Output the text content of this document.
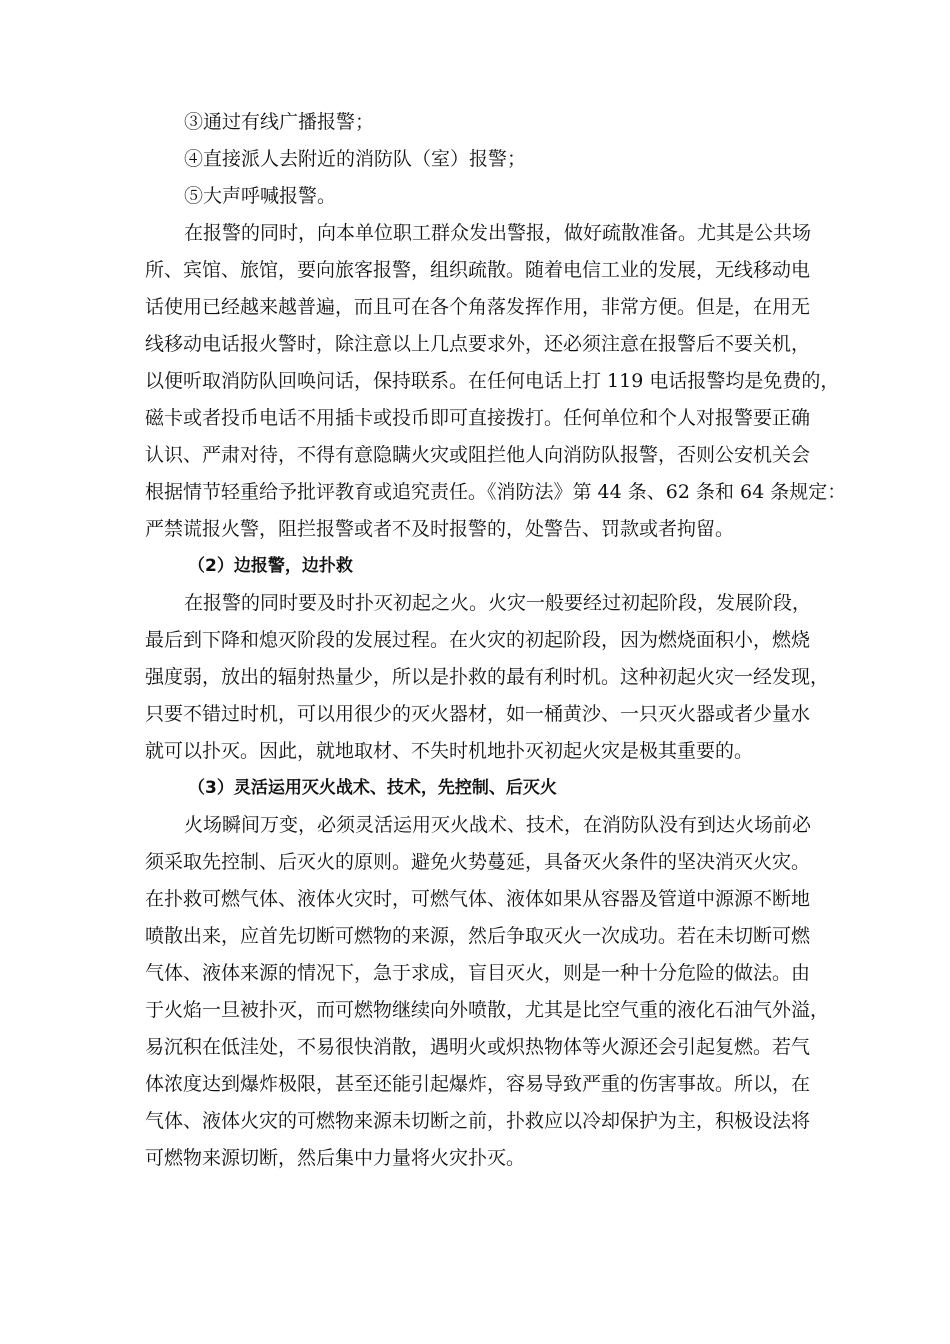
③通过有线广播报警；
④直接派人去附近的消防队（室）报警；
⑤大声呼喊报警。
在报警的同时，向本单位职工群众发出警报，做好疏散准备。尤其是公共场
所、宾馆、旅馆，要向旅客报警，组织疏散。随着电信工业的发展，无线移动电
话使用已经越来越普遍，而且可在各个角落发挥作用，非常方便。但是，在用无
线移动电话报火警时，除注意以上几点要求外，还必须注意在报警后不要关机，
以便听取消防队回唤问话，保持联系。在任何电话上打 119 电话报警均是免费的，
磁卡或者投币电话不用插卡或投币即可直接拨打。任何单位和个人对报警要正确
认识、严肃对待，不得有意隐瞒火灾或阻拦他人向消防队报警，否则公安机关会
根据情节轻重给予批评教育或追究责任。《消防法》第 44 条、62 条和 64 条规定：
严禁谎报火警，阻拦报警或者不及时报警的，处警告、罚款或者拘留。
（2）边报警，边扑救
在报警的同时要及时扑灭初起之火。火灾一般要经过初起阶段，发展阶段，
最后到下降和熄灭阶段的发展过程。在火灾的初起阶段，因为燃烧面积小，燃烧
强度弱，放出的辐射热量少，所以是扑救的最有利时机。这种初起火灾一经发现，
只要不错过时机，可以用很少的灭火器材，如一桶黄沙、一只灭火器或者少量水
就可以扑灭。因此，就地取材、不失时机地扑灭初起火灾是极其重要的。
（3）灵活运用灭火战术、技术，先控制、后灭火
火场瞬间万变，必须灵活运用灭火战术、技术，在消防队没有到达火场前必
须采取先控制、后灭火的原则。避免火势蔓延，具备灭火条件的坚决消灭火灾。
在扑救可燃气体、液体火灾时，可燃气体、液体如果从容器及管道中源源不断地
喷散出来，应首先切断可燃物的来源，然后争取灭火一次成功。若在未切断可燃
气体、液体来源的情况下，急于求成，盲目灭火，则是一种十分危险的做法。由
于火焰一旦被扑灭，而可燃物继续向外喷散，尤其是比空气重的液化石油气外溢，
易沉积在低洼处，不易很快消散，遇明火或炽热物体等火源还会引起复燃。若气
体浓度达到爆炸极限，甚至还能引起爆炸，容易导致严重的伤害事故。所以，在
气体、液体火灾的可燃物来源未切断之前，扑救应以冷却保护为主，积极设法将
可燃物来源切断，然后集中力量将火灾扑灭。
